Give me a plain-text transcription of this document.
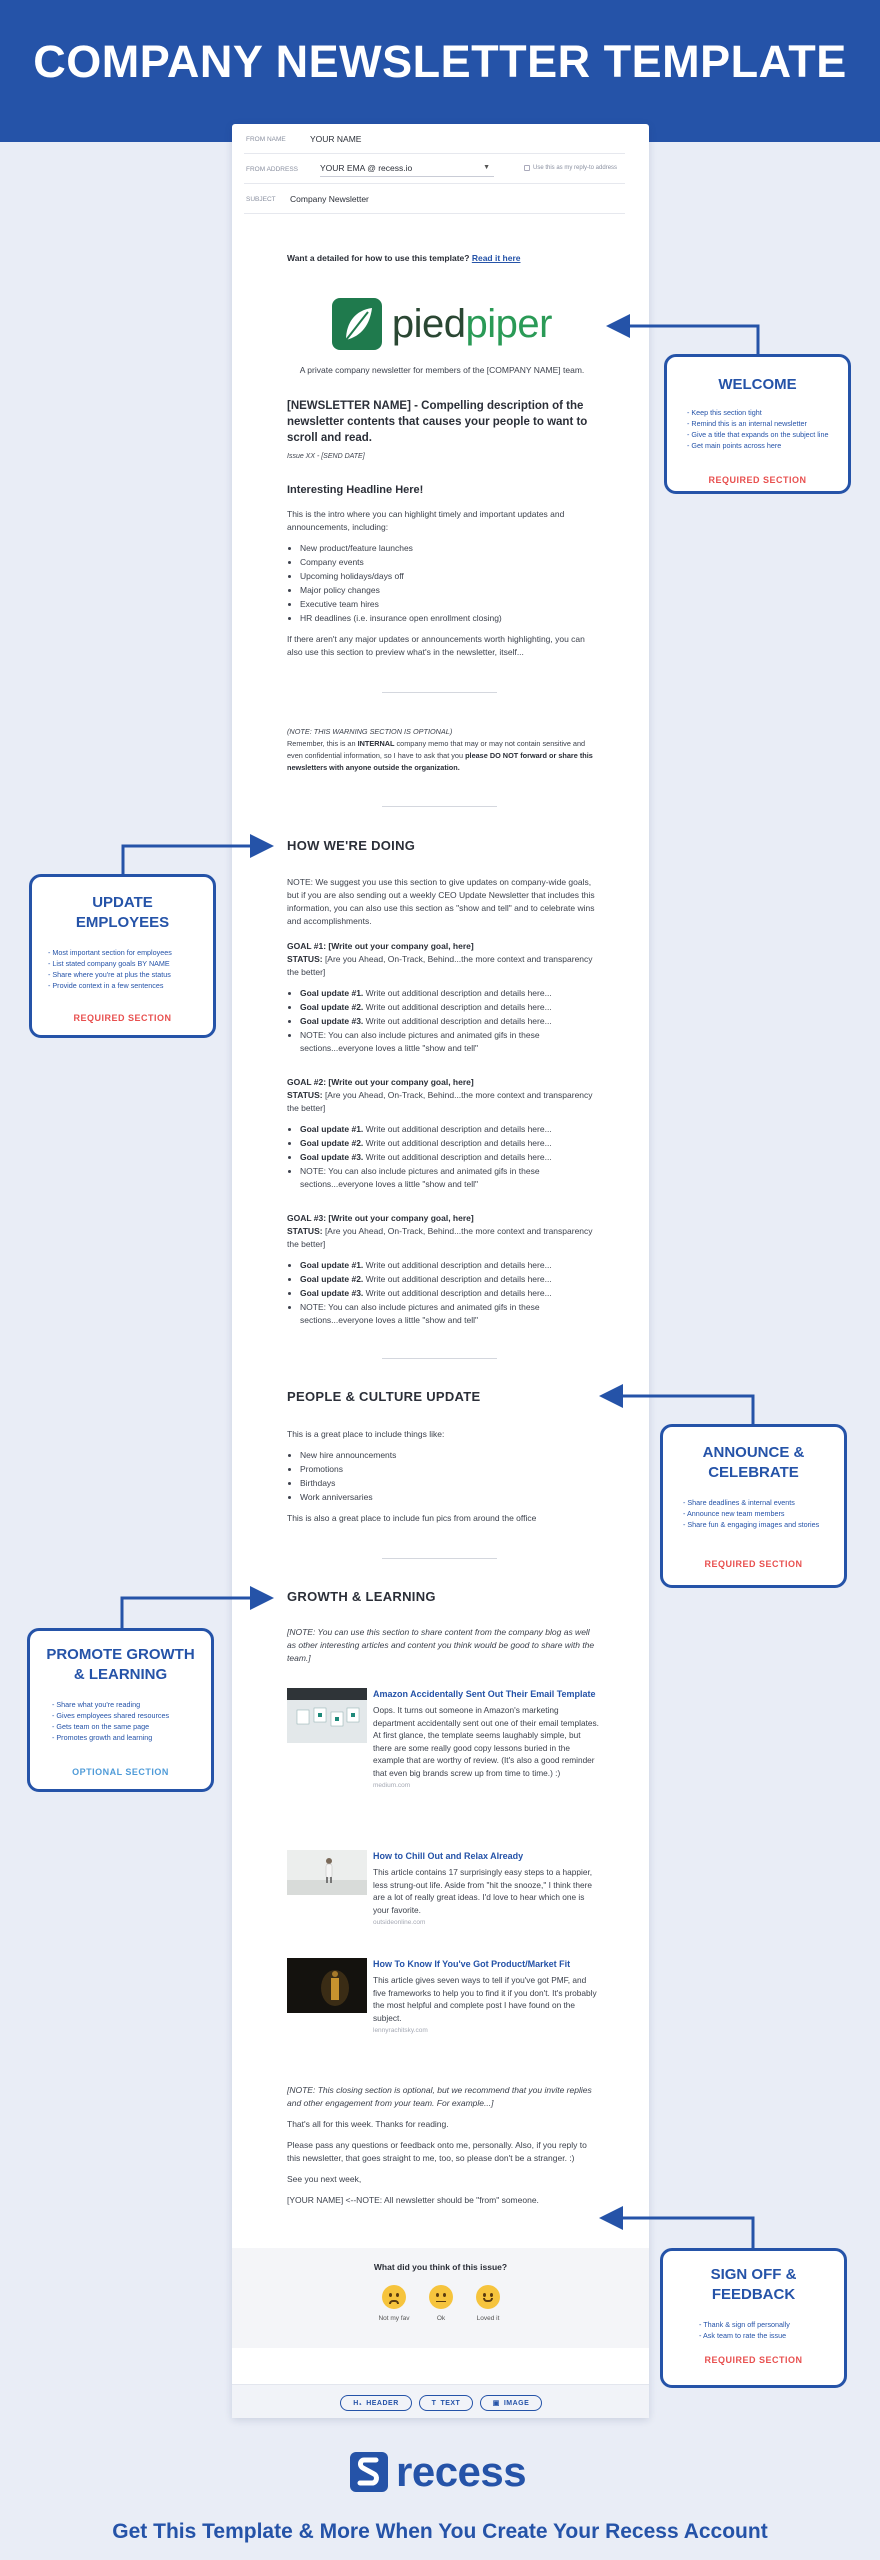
COMPANY NEWSLETTER TEMPLATE
FROM NAME	YOUR NAME
FROM ADDRESS	YOUR EMA @ recess.io	▼	Use this as my reply-to address
SUBJECT Company Newsletter
Want a detailed for how to use this template? Read it here
piedpiper
A private company newsletter for members of the [COMPANY NAME] team.
[NEWSLETTER NAME] - Compelling description of the newsletter contents that causes your people to want to scroll and read.
Issue XX - [SEND DATE]
Interesting Headline Here!

This is the intro where you can highlight timely and important updates and announcements, including:

• New product/feature launches
• Company events
• Upcoming holidays/days off
• Major policy changes
• Executive team hires
• HR deadlines (i.e. insurance open enrollment closing)

If there aren't any major updates or announcements worth highlighting, you can also use this section to preview what's in the newsletter, itself...

(NOTE: THIS WARNING SECTION IS OPTIONAL)
Remember, this is an INTERNAL company memo that may or may not contain sensitive and even confidential information, so I have to ask that you please DO NOT forward or share this newsletters with anyone outside the organization.
HOW WE'RE DOING

NOTE: We suggest you use this section to give updates on company-wide goals, but if you are also sending out a weekly CEO Update Newsletter that includes this information, you can also use this section as "show and tell" and to celebrate wins and accomplishments.

GOAL #1: [Write out your company goal, here]
STATUS: [Are you Ahead, On-Track, Behind...the more context and transparency the better]
• Goal update #1. Write out additional description and details here...
• Goal update #2. Write out additional description and details here...
• Goal update #3. Write out additional description and details here...
• NOTE: You can also include pictures and animated gifs in these sections...everyone loves a little "show and tell"
GOAL #2: [Write out your company goal, here]
STATUS: [Are you Ahead, On-Track, Behind...the more context and transparency the better]
• Goal update #1. Write out additional description and details here...
• Goal update #2. Write out additional description and details here...
• Goal update #3. Write out additional description and details here...
• NOTE: You can also include pictures and animated gifs in these sections...everyone loves a little "show and tell"
GOAL #3: [Write out your company goal, here]
STATUS: [Are you Ahead, On-Track, Behind...the more context and transparency the better]
• Goal update #1. Write out additional description and details here...
• Goal update #2. Write out additional description and details here...
• Goal update #3. Write out additional description and details here...
• NOTE: You can also include pictures and animated gifs in these sections...everyone loves a little "show and tell"
PEOPLE & CULTURE UPDATE

This is a great place to include things like:

• New hire announcements
• Promotions
• Birthdays
• Work anniversaries

This is also a great place to include fun pics from around the office

GROWTH & LEARNING
[NOTE: You can use this section to share content from the company blog as well as other interesting articles and content you think would be good to share with the team.]
Amazon Accidentally Sent Out Their Email Template
Oops. It turns out someone in Amazon's marketing department accidentally sent out one of their email templates. At first glance, the template seems laughably simple, but there are some really good copy lessons buried in the example that are worthy of review. (It's also a good reminder that even big brands screw up from time to time.) :)
medium.com
How to Chill Out and Relax Already
This article contains 17 surprisingly easy steps to a happier, less strung-out life. Aside from "hit the snooze," I think there are a lot of really great ideas. I'd love to hear which one is your favorite.
outsideonline.com
How To Know If You've Got Product/Market Fit
This article gives seven ways to tell if you've got PMF, and five frameworks to help you to find it if you don't. It's probably the most helpful and complete post I have found on the subject.
lennyrachitsky.com

[NOTE: This closing section is optional, but we recommend that you invite replies and other engagement from your team. For example...]

That's all for this week. Thanks for reading.

Please pass any questions or feedback onto me, personally. Also, if you reply to this newsletter, that goes straight to me, too, so please don't be a stranger. :)

See you next week,

[YOUR NAME] <--NOTE: All newsletter should be "from" someone.

What did you think of this issue?
Not my fav	Ok	Loved it
H₁ HEADER	T TEXT	▣ IMAGE
WELCOME
- Keep this section tight
- Remind this is an internal newsletter
- Give a title that expands on the subject line
- Get main points across here
REQUIRED SECTION
UPDATE
EMPLOYEES
- Most important section for employees
- List stated company goals BY NAME
- Share where you're at plus the status
- Provide context in a few sentences
REQUIRED SECTION
ANNOUNCE &
CELEBRATE
- Share deadlines & internal events
- Announce new team members
- Share fun & engaging images and stories
REQUIRED SECTION
PROMOTE GROWTH
& LEARNING
- Share what you're reading
- Gives employees shared resources
- Gets team on the same page
- Promotes growth and learning
OPTIONAL SECTION
SIGN OFF &
FEEDBACK
- Thank & sign off personally
- Ask team to rate the issue
REQUIRED SECTION
recess
Get This Template & More When You Create Your Recess Account
